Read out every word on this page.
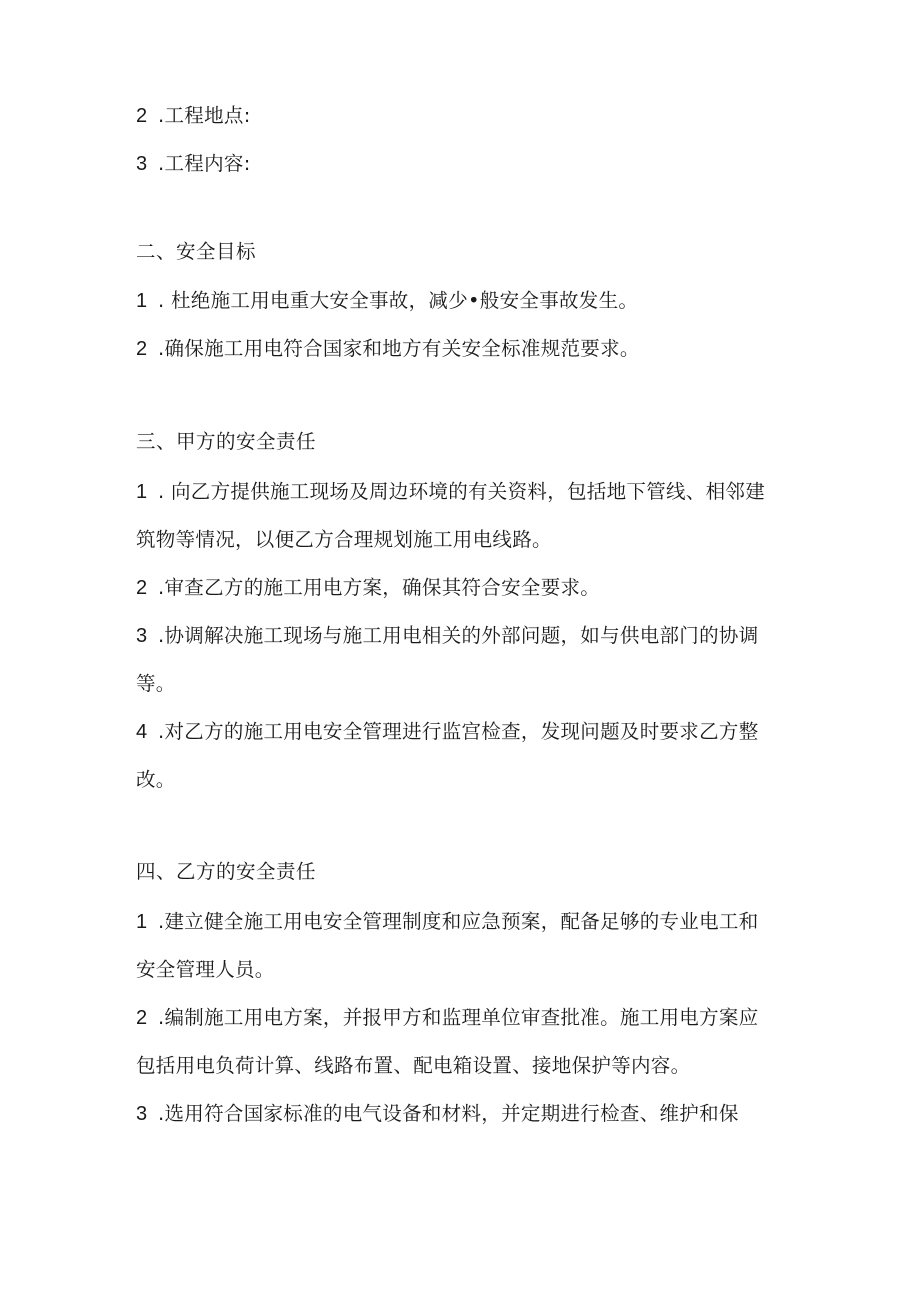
2 .工程地点:
3 .工程内容:
二、安全目标
1 . 杜绝施工用电重大安全事故，减少•般安全事故发生。
2 .确保施工用电符合国家和地方有关安全标准规范要求。
三、甲方的安全责任
1 . 向乙方提供施工现场及周边环境的有关资料，包括地下管线、相邻建
筑物等情况，以便乙方合理规划施工用电线路。
2 .审查乙方的施工用电方案，确保其符合安全要求。
3 .协调解决施工现场与施工用电相关的外部问题，如与供电部门的协调
等。
4 .对乙方的施工用电安全管理进行监宫检查，发现问题及时要求乙方整
改。
四、乙方的安全责任
1 .建立健全施工用电安全管理制度和应急预案，配备足够的专业电工和
安全管理人员。
2 .编制施工用电方案，并报甲方和监理单位审查批准。施工用电方案应
包括用电负荷计算、线路布置、配电箱设置、接地保护等内容。
3 .选用符合国家标准的电气设备和材料，并定期进行检查、维护和保
